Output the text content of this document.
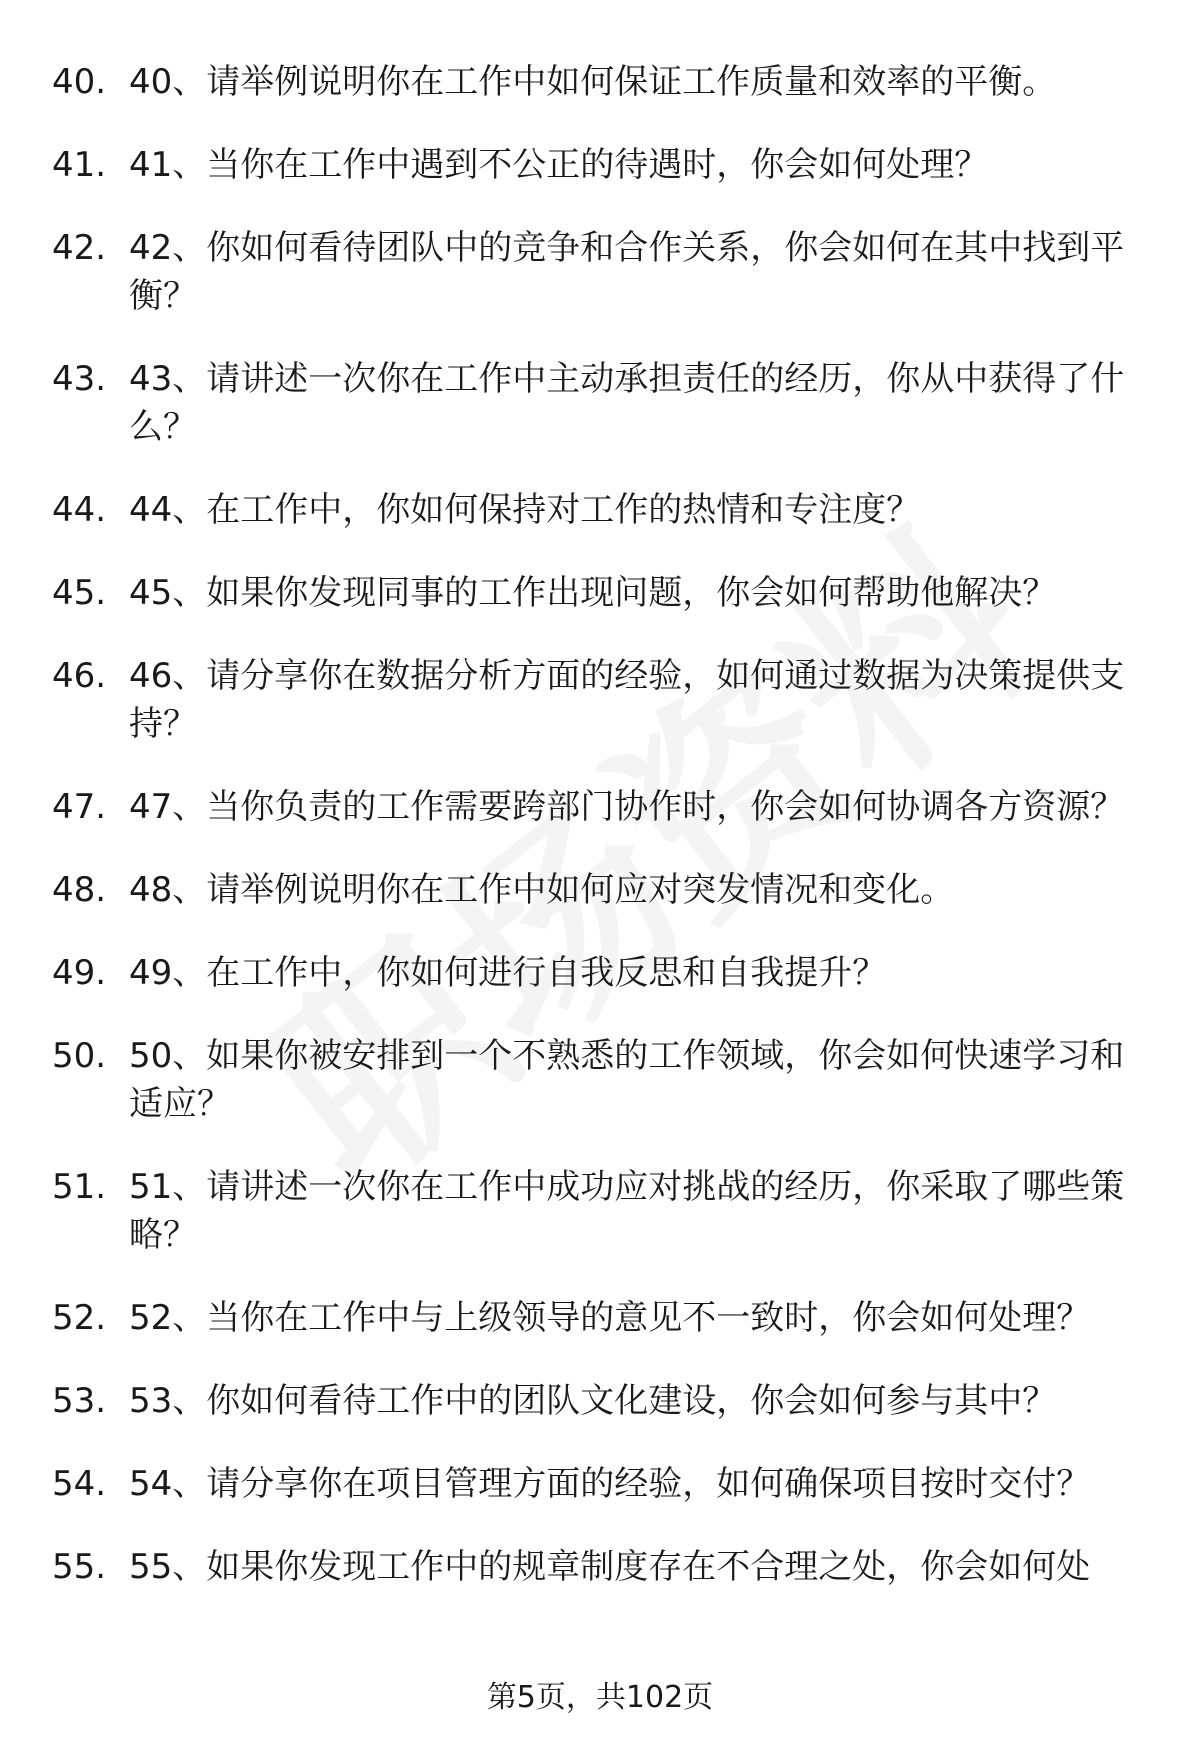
40. 40、请举例说明你在工作中如何保证工作质量和效率的平衡。
41. 41、当你在工作中遇到不公正的待遇时，你会如何处理？
42. 42、你如何看待团队中的竞争和合作关系，你会如何在其中找到平衡？
43. 43、请讲述一次你在工作中主动承担责任的经历，你从中获得了什么？
44. 44、在工作中，你如何保持对工作的热情和专注度？
45. 45、如果你发现同事的工作出现问题，你会如何帮助他解决？
46. 46、请分享你在数据分析方面的经验，如何通过数据为决策提供支持？
47. 47、当你负责的工作需要跨部门协作时，你会如何协调各方资源？
48. 48、请举例说明你在工作中如何应对突发情况和变化。
49. 49、在工作中，你如何进行自我反思和自我提升？
50. 50、如果你被安排到一个不熟悉的工作领域，你会如何快速学习和适应？
51. 51、请讲述一次你在工作中成功应对挑战的经历，你采取了哪些策略？
52. 52、当你在工作中与上级领导的意见不一致时，你会如何处理？
53. 53、你如何看待工作中的团队文化建设，你会如何参与其中？
54. 54、请分享你在项目管理方面的经验，如何确保项目按时交付？
55. 55、如果你发现工作中的规章制度存在不合理之处，你会如何处
第5页，共102页
